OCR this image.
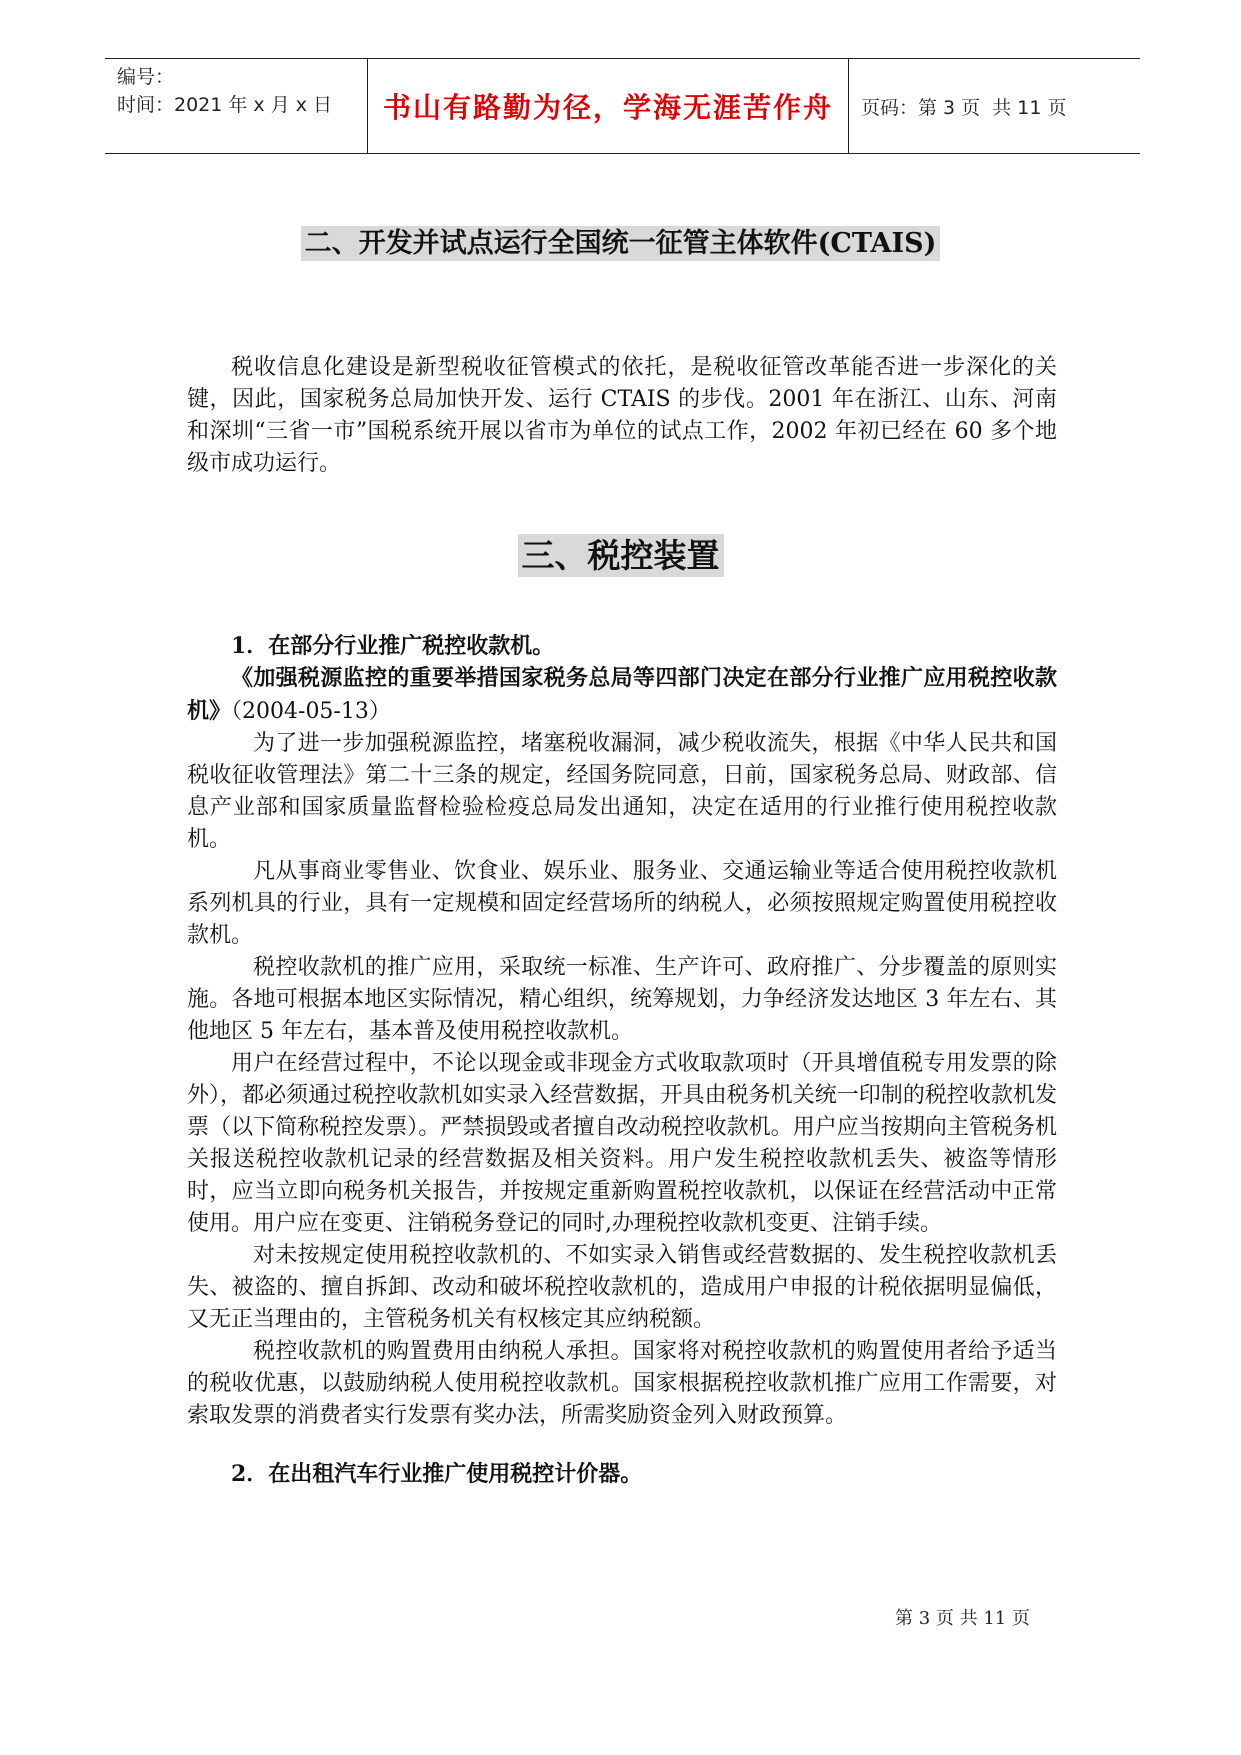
编号：
时间：2021 年 x 月 x 日	书山有路勤为径，学海无涯苦作舟	页码：第 3 页  共 11 页
二、开发并试点运行全国统一征管主体软件(CTAIS)

税收信息化建设是新型税收征管模式的依托，是税收征管改革能否进一步深化的关键，因此，国家税务总局加快开发、运行 CTAIS 的步伐。2001 年在浙江、山东、河南和深圳“三省一市”国税系统开展以省市为单位的试点工作，2002 年初已经在 60 多个地级市成功运行。

三、税控装置

1．在部分行业推广税控收款机。

《加强税源监控的重要举措国家税务总局等四部门决定在部分行业推广应用税控收款机》（2004-05-13）

为了进一步加强税源监控，堵塞税收漏洞，减少税收流失，根据《中华人民共和国税收征收管理法》第二十三条的规定，经国务院同意，日前，国家税务总局、财政部、信息产业部和国家质量监督检验检疫总局发出通知，决定在适用的行业推行使用税控收款机。

凡从事商业零售业、饮食业、娱乐业、服务业、交通运输业等适合使用税控收款机系列机具的行业，具有一定规模和固定经营场所的纳税人，必须按照规定购置使用税控收款机。

税控收款机的推广应用，采取统一标准、生产许可、政府推广、分步覆盖的原则实施。各地可根据本地区实际情况，精心组织，统筹规划，力争经济发达地区 3 年左右、其他地区 5 年左右，基本普及使用税控收款机。

用户在经营过程中，不论以现金或非现金方式收取款项时（开具增值税专用发票的除外），都必须通过税控收款机如实录入经营数据，开具由税务机关统一印制的税控收款机发票（以下简称税控发票）。严禁损毁或者擅自改动税控收款机。用户应当按期向主管税务机关报送税控收款机记录的经营数据及相关资料。用户发生税控收款机丢失、被盗等情形时，应当立即向税务机关报告，并按规定重新购置税控收款机，以保证在经营活动中正常使用。用户应在变更、注销税务登记的同时,办理税控收款机变更、注销手续。

对未按规定使用税控收款机的、不如实录入销售或经营数据的、发生税控收款机丢失、被盗的、擅自拆卸、改动和破坏税控收款机的，造成用户申报的计税依据明显偏低，又无正当理由的，主管税务机关有权核定其应纳税额。

税控收款机的购置费用由纳税人承担。国家将对税控收款机的购置使用者给予适当的税收优惠，以鼓励纳税人使用税控收款机。国家根据税控收款机推广应用工作需要，对索取发票的消费者实行发票有奖办法，所需奖励资金列入财政预算。

2．在出租汽车行业推广使用税控计价器。

第 3 页 共 11 页
